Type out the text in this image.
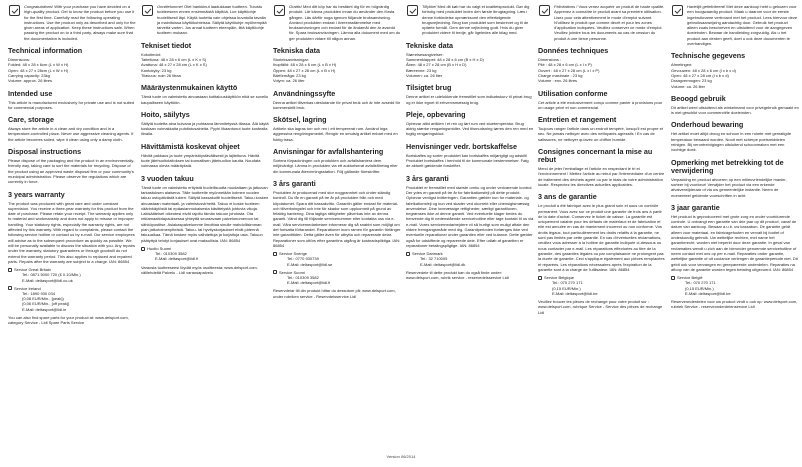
Congratulations! With your purchase you have decided on a high-quality product. Get to know the product before you use it for the first time. Carefully read the following operating instructions. Use the product only as described and only for the given areas of application. Keep these instructions safe. When passing the product on to a third party, always make sure that the documentation is included.
Technical information
Dimensions:
Folded: 48 x 28 x 6cm (L x W x H)
Open: 48 x 27 x 28cm (L x W x H)
Carrying capacity: 23kg
Volume: approx. 26 litres
Intended use

This article is manufactured exclusively for private use and is not suited for commercial purposes.

Care, storage

Always store the article in a clean and dry condition and in a temperature-controlled place. Never use aggressive cleaning agents. If the article becomes soiled, wipe it clean using only a damp cloth.

Disposal instructions

Please dispose of the packaging and the product in an environmentally-friendly way, taking care to sort the materials for recycling. Dispose of the product using an approved waste disposal firm or your community's municipal administration. Please observe the regulations which are currently in force.

3 years warranty

The product was produced with great care and under constant supervision. You receive a three-year warranty for this product from the date of purchase. Please retain your receipt. The warranty applies only to material and workmanship and does not apply to misuse or improper handling. Your statutory rights, especially the warranty rights, are not affected by this warranty. With regard to complaints, please contact the following service hotline or contact us by e-mail. Our service employees will advise as to the subsequent procedure as quickly as possible. We will be personally available to discuss the situation with you. Any repairs under the warranty, statutory guarantees or through goodwill do not extend the warranty period. This also applies to replaced and repaired parts. Repairs after the warranty are subject to a charge. IAN: 86854

Service Great Britain
Tel.: 0871 5000 720 (£ 0.10/Min.)
E-Mail: deltasport@lidl.co.uk
Service Ireland
Tel.: 1890 930 034
(0,08 EUR/Min., [peak])
(0,06 EUR/Min., [off peak])
E-Mail: deltasport@lidl.ie
You can also find spare parts for your product at: www.delsport.com, category Service - Lidl Spare Parts Service
Onnittelumme! Olet hankkinut laadukkaan tuotteen. Tutustu tuotteeseen ennen ensimmäistä käyttöä. Lue käyttöohje huolellisesti läpi. Käytä tuotetta vain ohjeissa kuvatulla tavalla ja mainituissa käyttökohteissa. Säilytä käyttöohje myöhempää tarvetta varten. Jos annat tuotteen eteenpäin, liitä käyttöohje tuotteen mukaan.
Tekniset tiedot
Kokotiedot:
Taitettuna: 48 x 28 x 6 cm (L x K x S)
Avattuna: 48 x 27 x 28 cm (L x K x S)
Kantokyky: 23 kg
Tilavuus: noin 26 litraa
Määräystenmukainen käyttö

Tämä tuote on valmistettu ainoastaan kotitalouskäyttöön eikä se sovellu kaupalliseen käyttöön.

Hoito, säilytys

Säilytä tuotetta aina kuivana ja puhtaana lämmitetyssä tilassa. Älä käytä koskaan voimakkaita puhdistusaineita. Pyyhi likaantunut tuote kostealla liinalla.

Hävittämistä koskevat ohjeet

Hävitä pakkaus ja tuote ympäristöystävällisesti ja lajiteltuna. Hävitä tuote jätehuoltolaitoksen tai kunnallisen jätehuollon kautta. Noudata voimassa olevia määräyksiä.

3 vuoden takuu

Tämä tuote on valmistettu erityistä huolellisuutta noudattaen ja jatkuvan tarkastuksen alaisena. Tälle tuotteelle myönnetään kolmen vuoden takuu ostopäivästä lukien. Säilytä kassakuitti huolellisesti. Takuu koskee ainoastaan materiaali- ja valmistusvirheitä. Takuu ei koske tuotteen väärinkäytöstä tai epäasianmukaisesta käsittelystä johtuvia vikoja. Lakisääteiset oikeutesi eivät rajoitu tämän takuun johdosta. Ota reklamaatiotapauksessa yhteyttä seuraavaan palvelunumeroon tai sähköpostitse. Asiakaspalvelumme ilmoittaa sinulle mahdollisimman pian jatkotoimenpiteistä. Takuu- tai hyvityskorjaukset eivät pidennä takuuaikaa. Tämä koskee myös vaihdettuja ja korjattuja osia. Takuun päätyttyä tehdyt korjaukset ovat maksullisia. IAN: 86854

Huolto Suomi
Tel.: 010309 3582
E-Mail: deltasport@lidl.fi
Varaosia tuotteeseesi löydät myös osoitteesta: www.delsport.com, välilehdeltä Palvelu - Lidl varaosapalvelu
Grattis! Med ditt köp har du bestämt dig för en högvärdig produkt. Lär känna produkten innan du använder den första gången. Läs därför noga igenom följande bruksanvisning. Använd produkten endast i överensstämmelse med bruksanvisningen och endast för de ändamål den är avsedd för. Spara bruksanvisningen. Lämna alla dokument med om du ger produkten vidare till någon annan.
Tekniska data
Storleksanvisningar:
Ihopfälld: 48 x 28 x 6 cm (L x B x H)
Öppen: 48 x 27 x 28 cm (L x B x H)
Bärförmåga: 23 kg
Volym: ca. 26 liter
Användningssyfte

Denna artikel tillverkas uteslutande för privat bruk och är inte avsedd för kommersiellt bruk.

Skötsel, lagring

Artikeln ska lagras torr och ren i ett tempererat rum. Använd inga aggressiva rengöringsmedel. Rengör en smutsig artikel enbart med en fuktig trasa.

Anvisningar för avfallshantering

Sortera förpackningen och produkten och avfallshantera dem miljövänligt. Lämna in produkten via ett auktoriserat avfallsföretag eller din kommunala återvinningsstation. Följ gällande föreskrifter.

3 års garanti

Produkten är producerad med stor noggrannhet och under ständig kontroll. Du får en garanti på tre år på produkten från och med köpdatumet. Spara ditt kassakvitto. Garantin gäller endast för material- och tillverkningsfel och inte för skador som uppkommit på grund av felaktig hantering. Dina lagliga rättigheter påverkas inte av denna garanti. Vänd dig till följande servicenummer eller kontakta oss via e-mail. Våra servicemedarbetare informerar dig så snabbt som möjligt om det fortsatta förfarandet. Reparationer inom ramen för garantin förlänger inte garantitiden. Detta gäller även för utbytta och reparerade delar. Reparationer som utförs efter garantins utgång är kostnadspliktiga. IAN: 86854

Service Sverige
Tel.: 0770 930739
E-Mail: deltasport@lidl.se
Service Suomi
Tel.: 010309 3582
E-Mail: deltasport@lidl.fi
Reservdelar till din produkt hittar du dessutom på: www.delsport.com, under rubriken service - Reservdelsservice Lidl
Tillykke! Med dit køb har du valgt et kvalitetsprodukt. Gør dig fortrolig med produktet inden den første ibrugtagning. Læs i denne forbindelse opmærksomt den efterfølgende brugsvejledning. Brug kun produktet som beskrevet og til de opførte formål. Gem denne vejledning godt. Hvis du giver produktet videre til tredje, går ligeledes alle bilag med.
Tekniske data
Størrelsesangivelser:
Sammenklappet: 48 x 28 x 6 cm (B x H x D)
Åben: 48 x 27 x 28 cm (B x H x D)
Bæreevne: 23 kg
Volumen: ca. 26 liter
Tilsigtet brug

Denne artikel er udelukkende fremstillet som indkøbskurv til privat brug og er ikke egnet til erhvervsmæssig brug.

Pleje, opbevaring

Opbevar altid artiklen i et ren og tørt rum ved stuetemperatur. Brug aldrig stærke rengøringsmidler. Ved tilsmudsning tørres den ren med en fugtig rengøringsklud.

Henvisninger vedr. bortskaffelse

Bortskaffes og sorter produktet kan bortskaffes miljørigtigt og adskilt! Produktet bortskaffes i henhold til de kommunale bestemmelser. Følg de aktuelt gældende forskrifter.

3 års garanti

Produktet er fremstillet med største omhu og under vedvarende kontrol. Der ydes en garanti på tre år for fabrikationsfejl på dette produkt. Opbevar venligst kvitteringen. Garantien gælder kun for materiale- og fabrikationsfejl og kun ved skader ved ukorrekt eller uhensigtsmæssig anvendelse. Dine lovmæssige rettigheder, særligt garantiloven, begrænses ikke af denne garanti. Ved eventuelle klager bedes du henvende dig til nedenstående servicehotline eller tage kontakt til os via e-mail. Vores servicemedarbejdere vil så hurtigt som muligt aftale den videre fremgangsmåde med dig. Garantiperioden forlænges ikke ved eventuelle reparationer under garantien eller ved kulance. Dette gælder også for udskiftede og reparerede dele. Efter udløb af garantien er reparationer betalingspligtige. IAN: 86854

Service Danmark
Tel.: 32 710005
E-Mail: deltasport@lidl.dk
Reservedele til dette produkt kan du også finde under: www.delsport.com, rubrik service - reservedelsservice Lidl
Félicitations ! Vous venez acquérir un produit de haute qualité. Apprenez à connaître le produit avant sa première utilisation. Lisez pour cela attentivement le mode d'emploi suivant. N'utilisez le produit que comme décrit et pour les zones d'application indiquées. Veuillez conserver ce mode d'emploi. Veuillez joindre tous les documents au cas de cession du produit à une tierce personne.
Données techniques
Dimensions :
Plié : 48 x 28 x 6 cm (L x l x P)
Ouvert : 48 x 27 x 28 cm (L x l x P)
Charge maximale : 23 kg
Volume : env. 26 litres
Utilisation conforme

Cet article a été exclusivement conçu comme panier à provisions pour un usage privé et non commercial.

Entretien et rangement

Toujours ranger l'article dans un endroit tempéré, lorsqu'il est propre et sec. Ne jamais nettoyer avec des nettoyants agressifs ! En cas de salissures, ne nettoyer qu'avec un chiffon humide.

Consignes concernant la mise au rebut

Merci de jeter l'emballage et l'article en respectant le tri et l'environnement ! Mettez l'article au rebut par l'intermédiaire d'un centre de traitement des déchets agréé ou par le biais de votre administration locale. Respectez les directives actuelles applicables.

3 ans de garantie

Le produit a été fabriqué avec le plus grand soin et sous un contrôle permanent. Vous avez sur ce produit une garantie de trois ans à partir de la date d'achat. Conservez le ticket de caisse. La garantie est uniquement valable pour les défauts de matériaux et de fabrication et elle est annulée en cas de maniement incorrect ou non conforme. Vos droits légaux, tout particulièrement les droits relatifs à la garantie, ne sont pas limités par cette garantie. En cas d'éventuelles réclamations, veuillez vous adresser à la hotline de garantie indiquée ci-dessous ou nous contacter par e-mail. Les réparations effectuées au titre de la garantie, des garanties légales ou par complaisance ne prolongent pas la durée de garantie. Ceci s'applique également aux pièces remplacées et réparées. Les réparations nécessaires après l'expiration de la garantie sont à la charge de l'utilisateur. IAN: 86854

Service Belgique
Tel.: 070 270 171
(0,15 EUR/Min.)
E-Mail: deltasport@lidl.be
Veuillez trouver les pièces de rechange pour votre produit sur : www.delsport.com, rubrique Service - Service des pièces de rechange Lidl
Hartelijk gefeliciteerd! Met deze aankoop hebt u gekozen voor een hoogwaardig product. Maak u daarom voor de eerste ingebruikname vertrouwd met het product. Lees hiervoor deze gebruiksaanwijzing aandachtig door. Gebruik het product alleen zoals beschreven en uitsluitend voor de aangegeven doeleinden. Bewaar de handleiding zorgvuldig. Als u het product aan derden geeft, doet u ook deze documenten te overhandigen.
Technische gegevens
Afmetingen:
Gevouwen: 48 x 28 x 6 cm (l x b x d)
Open: 48 x 27 x 28 cm (l x b x d)
Draagvermogen: 23 kg
Volume: ca. 26 liter
Beoogd gebruik

Dit artikel werd uitsluitend als winkelmand voor privégebruik gemaakt en is niet geschikt voor commerciële doeleinden.

Onderhoud bewaring

Het artikel moet altijd droog en schoon in een ruimte met gematigde temperatuur bewaard worden. Nooit met scherpe poetsmiddelen reinigen. Bij verontreinigingen uitsluitend schoonmaken met een vochtige doek.

Opmerking met betrekking tot de verwijdering

Verpakking en product afvoeren op een milieuvriendelijke manier, sorteer bij voorkeur! Verwijder het product via een erkende afvalverwijderaar of via uw gemeentelijke instantie. Neem de momenteel geldende voorschriften in acht.

3 jaar garantie

Het product is geproduceerd met grote zorg en onder voortdurende controle. U ontvangt een garantie van drie jaar op dit product, vanaf de datum van aankoop. Bewaar a.u.b. uw kassabon. De garantie geldt alleen voor materiaal- en fabricagefouten en vervalt bij foutief of ondeskundig gebruik. Uw wettelijke rechten, met name het garantierecht, worden niet beperkt door deze garantie. In geval van reclamaties wendt u zich aan de hieronder genoemde servicehotline of neem contact met ons op per e-mail. Reparaties onder garantie, wettelijke garantie of uit coulance verlengen de garantieperiode niet. Dit geldt ook voor vervangen en gerepareerde onderdelen. Reparaties na afloop van de garantie worden tegen betaling uitgevoerd. IAN: 86854

Service België
Tel.: 070 270 171
(0,15 EUR/Min.)
E-Mail: deltasport@lidl.be
Reserveonderdelen voor uw product vindt u ook op: www.delsport.com, rubriek Service - reserveonderdelenservice Lidl
Version 06/2014
